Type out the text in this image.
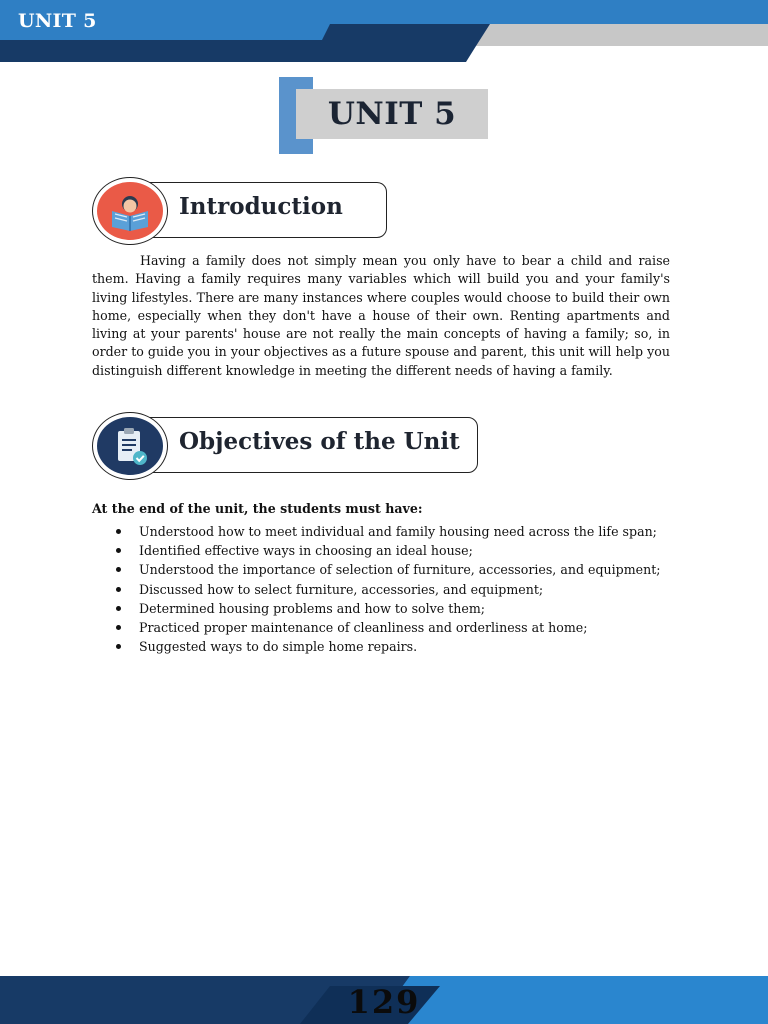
UNIT 5
UNIT 5
Introduction
Having a family does not simply mean you only have to bear a child and raise them. Having a family requires many variables which will build you and your family's living lifestyles. There are many instances where couples would choose to build their own home, especially when they don't have a house of their own. Renting apartments and living at your parents' house are not really the main concepts of having a family; so, in order to guide you in your objectives as a future spouse and parent, this unit will help you distinguish different knowledge in meeting the different needs of having a family.
Objectives of the Unit
At the end of the unit, the students must have:
Understood how to meet individual and family housing need across the life span;
Identified effective ways in choosing an ideal house;
Understood the importance of selection of furniture, accessories, and equipment;
Discussed how to select furniture, accessories, and equipment;
Determined housing problems and how to solve them;
Practiced proper maintenance of cleanliness and orderliness at home;
Suggested ways to do simple home repairs.
129
